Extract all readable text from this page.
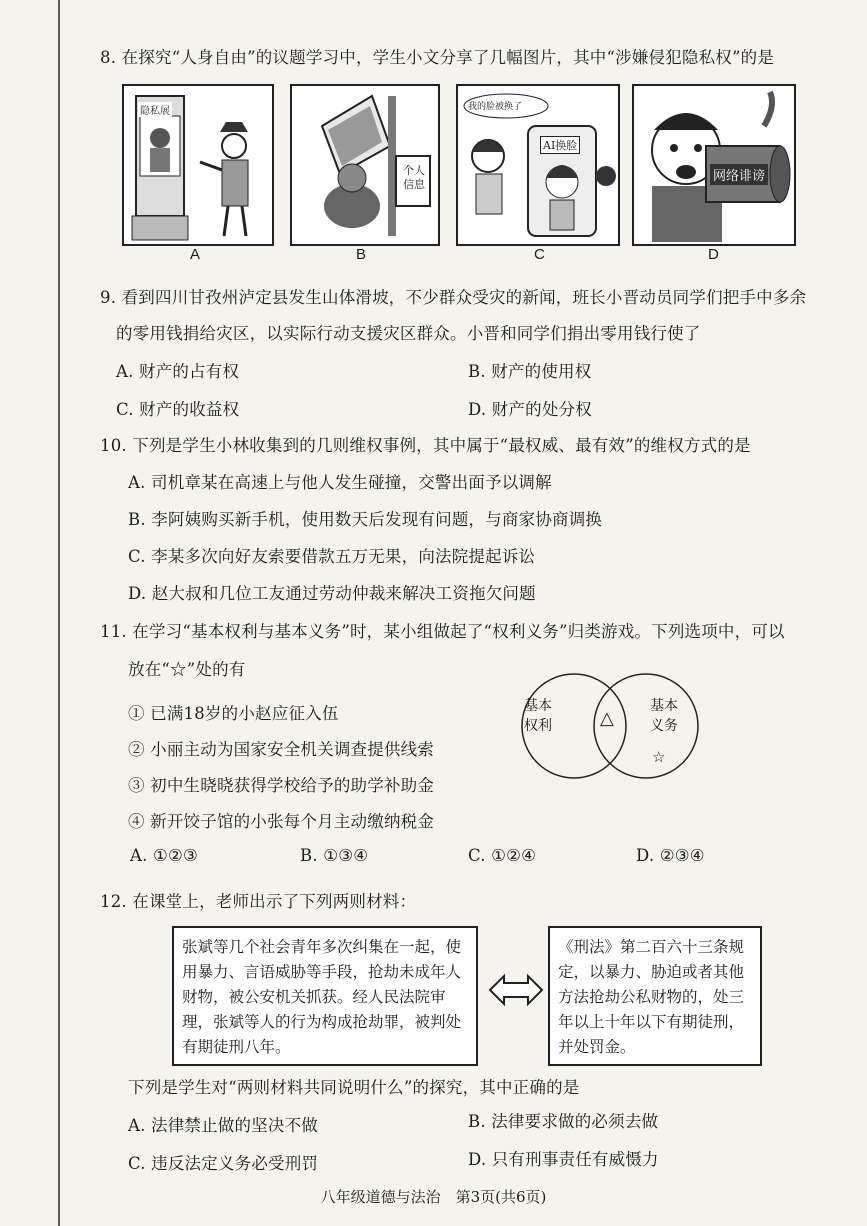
8. 在探究“人身自由”的议题学习中，学生小文分享了几幅图片，其中“涉嫌侵犯隐私权”的是
隐私展
A
个人信息
B
我的脸被换了
AI换脸
C
网络诽谤
D
9. 看到四川甘孜州泸定县发生山体滑坡，不少群众受灾的新闻，班长小晋动员同学们把手中多余
的零用钱捐给灾区，以实际行动支援灾区群众。小晋和同学们捐出零用钱行使了
A. 财产的占有权	B. 财产的使用权
C. 财产的收益权	D. 财产的处分权
10. 下列是学生小林收集到的几则维权事例，其中属于“最权威、最有效”的维权方式的是
A. 司机章某在高速上与他人发生碰撞，交警出面予以调解
B. 李阿姨购买新手机，使用数天后发现有问题，与商家协商调换
C. 李某多次向好友索要借款五万无果，向法院提起诉讼
D. 赵大叔和几位工友通过劳动仲裁来解决工资拖欠问题
11. 在学习“基本权利与基本义务”时，某小组做起了“权利义务”归类游戏。下列选项中，可以
放在“☆”处的有
① 已满18岁的小赵应征入伍
② 小丽主动为国家安全机关调查提供线索
③ 初中生晓晓获得学校给予的助学补助金
④ 新开饺子馆的小张每个月主动缴纳税金
基本
权利
基本
义务
△
☆
A. ①②③	B. ①③④	C. ①②④	D. ②③④
12. 在课堂上，老师出示了下列两则材料：
张斌等几个社会青年多次纠集在一起，使用暴力、言语威胁等手段，抢劫未成年人财物，被公安机关抓获。经人民法院审理，张斌等人的行为构成抢劫罪，被判处有期徒刑八年。
《刑法》第二百六十三条规定，以暴力、胁迫或者其他方法抢劫公私财物的，处三年以上十年以下有期徒刑，并处罚金。
下列是学生对“两则材料共同说明什么”的探究，其中正确的是
A. 法律禁止做的坚决不做	B. 法律要求做的必须去做
C. 违反法定义务必受刑罚	D. 只有刑事责任有威慑力
八年级道德与法治　第3页(共6页)
